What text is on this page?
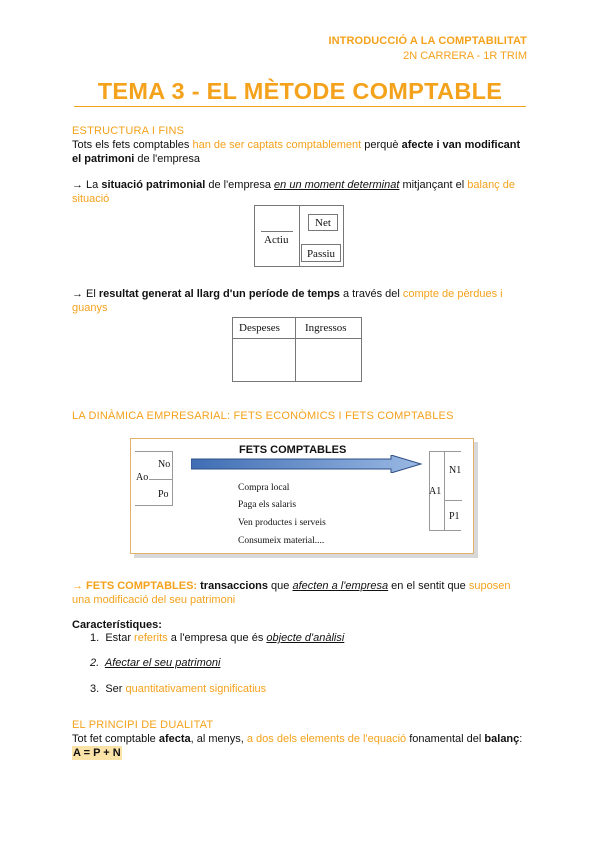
INTRODUCCIÓ A LA COMPTABILITAT
2N CARRERA - 1R TRIM
TEMA 3 - EL MÈTODE COMPTABLE
ESTRUCTURA I FINS
Tots els fets comptables han de ser captats comptablement perquè afecte i van modificant el patrimoni de l'empresa
→ La situació patrimonial de l'empresa en un moment determinat mitjançant el balanç de situació
Actiu
Net
Passiu
→ El resultat generat al llarg d'un període de temps a través del compte de pèrdues i guanys
Despeses Ingressos
LA DINÀMICA EMPRESARIAL: FETS ECONÒMICS I FETS COMPTABLES
FETS COMPTABLES
No
Ao
Po
N1
A1
P1
Compra local
Paga els salaris
Ven productes i serveis
Consumeix material....
→ FETS COMPTABLES: transaccions que afecten a l'empresa en el sentit que suposen una modificació del seu patrimoni
Característiques:
1. Estar referits a l'empresa que és objecte d'anàlisi
2. Afectar el seu patrimoni
3. Ser quantitativament significatius
EL PRINCIPI DE DUALITAT
Tot fet comptable afecta, al menys, a dos dels elements de l'equació fonamental del balanç:
A = P + N
